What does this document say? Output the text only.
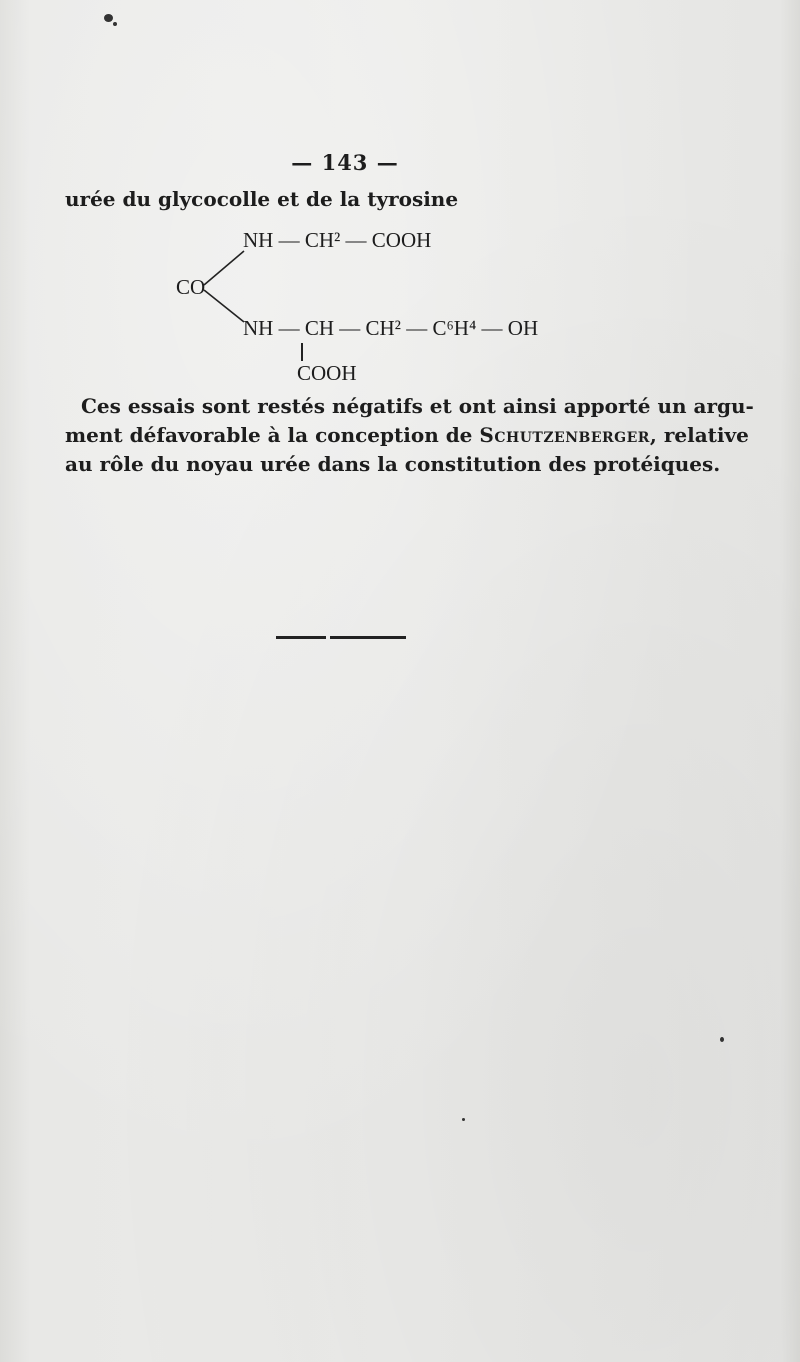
— 143 —
urée du glycocolle et de la tyrosine
NH — CH² — COOH
CO
NH — CH — CH² — C⁶H⁴ — OH
COOH
Ces essais sont restés négatifs et ont ainsi apporté un argu-
ment défavorable à la conception de Schutzenberger, relative
au rôle du noyau urée dans la constitution des protéiques.
